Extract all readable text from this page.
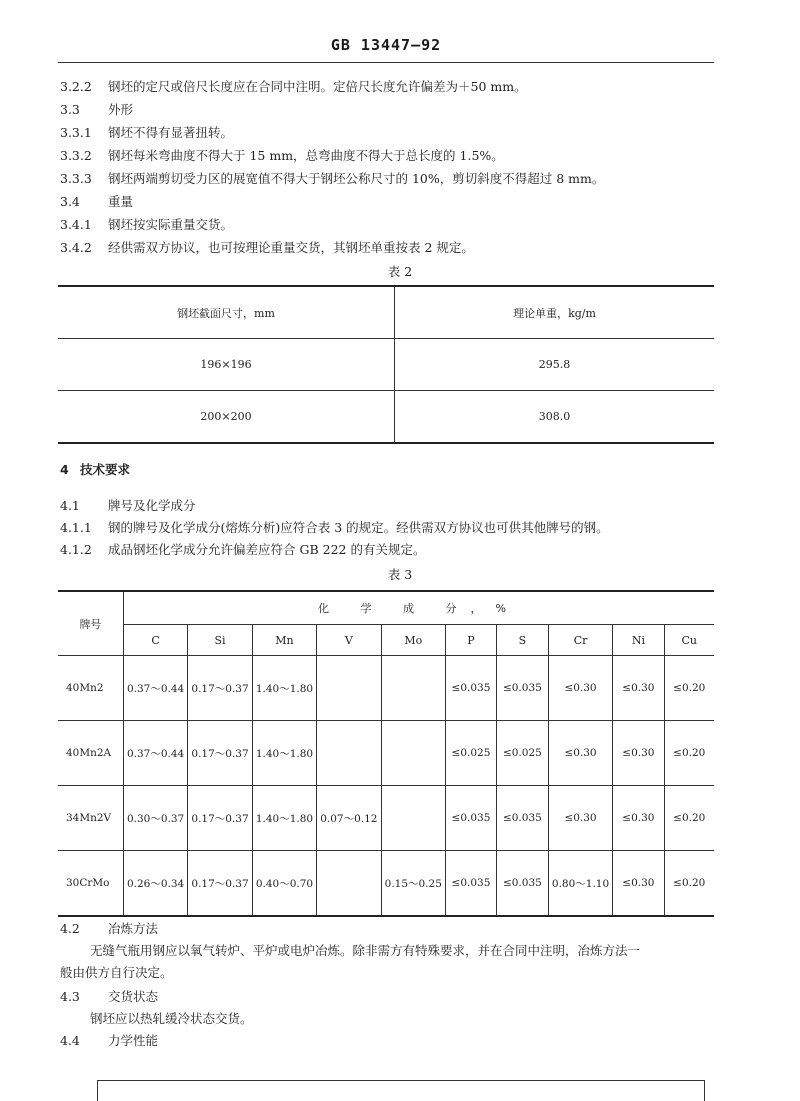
GB 13447—92
3.2.2 钢坯的定尺或倍尺长度应在合同中注明。定倍尺长度允许偏差为＋50 mm。
3.3 外形
3.3.1 钢坯不得有显著扭转。
3.3.2 钢坯每米弯曲度不得大于 15 mm，总弯曲度不得大于总长度的 1.5%。
3.3.3 钢坯两端剪切受力区的展宽值不得大于钢坯公称尺寸的 10%，剪切斜度不得超过 8 mm。
3.4 重量
3.4.1 钢坯按实际重量交货。
3.4.2 经供需双方协议，也可按理论重量交货，其钢坯单重按表 2 规定。
表 2
钢坯截面尺寸，mm	理论单重，kg/m
196×196	295.8
200×200	308.0
4 技术要求
4.1 牌号及化学成分
4.1.1 钢的牌号及化学成分(熔炼分析)应符合表 3 的规定。经供需双方协议也可供其他牌号的钢。
4.1.2 成品钢坯化学成分允许偏差应符合 GB 222 的有关规定。
表 3
牌号	化 学 成 分，%									
	C	Si	Mn	V	Mo	P	S	Cr	Ni	Cu
40Mn2	0.37～0.44	0.17～0.37	1.40～1.80			≤0.035	≤0.035	≤0.30	≤0.30	≤0.20
40Mn2A	0.37～0.44	0.17～0.37	1.40～1.80			≤0.025	≤0.025	≤0.30	≤0.30	≤0.20
34Mn2V	0.30～0.37	0.17～0.37	1.40～1.80	0.07～0.12		≤0.035	≤0.035	≤0.30	≤0.30	≤0.20
30CrMo	0.26～0.34	0.17～0.37	0.40～0.70		0.15～0.25	≤0.035	≤0.035	0.80～1.10	≤0.30	≤0.20
4.2 冶炼方法
无缝气瓶用钢应以氧气转炉、平炉或电炉冶炼。除非需方有特殊要求，并在合同中注明，冶炼方法一
般由供方自行决定。
4.3 交货状态
钢坯应以热轧缓冷状态交货。
4.4 力学性能
